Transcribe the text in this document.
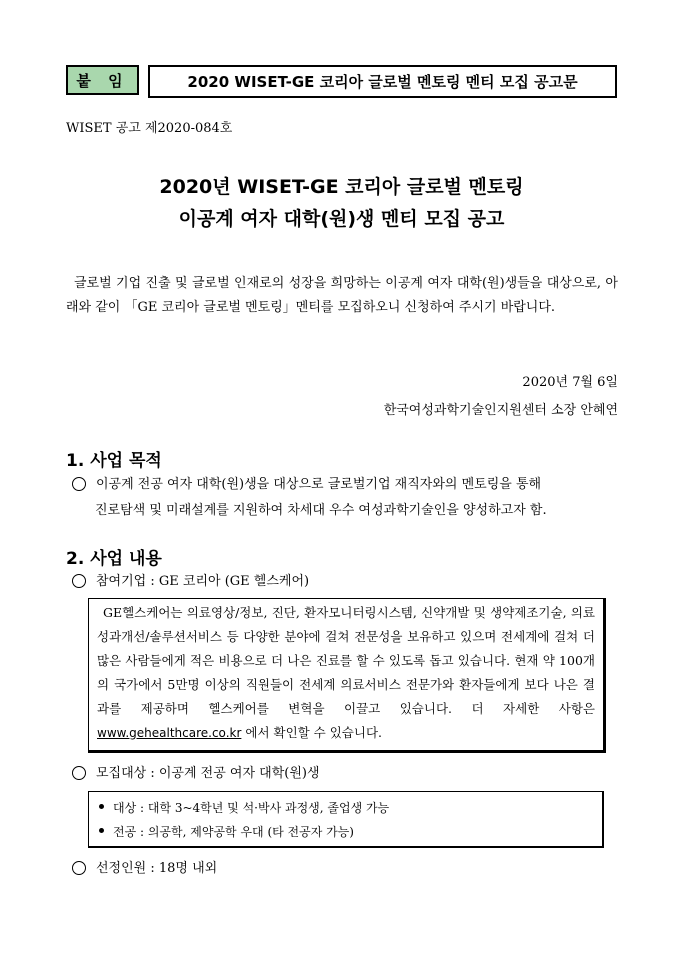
붙 임	2020 WISET-GE 코리아 글로벌 멘토링 멘티 모집 공고문
WISET 공고 제2020-084호
2020년 WISET-GE 코리아 글로벌 멘토링
이공계 여자 대학(원)생 멘티 모집 공고
글로벌 기업 진출 및 글로벌 인재로의 성장을 희망하는 이공계 여자 대학(원)생들을 대상으로, 아래와 같이 「GE 코리아 글로벌 멘토링」멘티를 모집하오니 신청하여 주시기 바랍니다.
2020년 7월 6일
한국여성과학기술인지원센터 소장 안혜연
1. 사업 목적
이공계 전공 여자 대학(원)생을 대상으로 글로벌기업 재직자와의 멘토링을 통해
진로탐색 및 미래설계를 지원하여 차세대 우수 여성과학기술인을 양성하고자 함.
2. 사업 내용
참여기업 : GE 코리아 (GE 헬스케어)
GE헬스케어는 의료영상/정보, 진단, 환자모니터링시스템, 신약개발 및 생약제조기술, 의료 성과개선/솔루션서비스 등 다양한 분야에 걸쳐 전문성을 보유하고 있으며 전세계에 걸쳐 더 많은 사람들에게 적은 비용으로 더 나은 진료를 할 수 있도록 돕고 있습니다. 현재 약 100개의 국가에서 5만명 이상의 직원들이 전세계 의료서비스 전문가와 환자들에게 보다 나은 결과를 제공하며 헬스케어를 변혁을 이끌고 있습니다. 더 자세한 사항은 www.gehealthcare.co.kr 에서 확인할 수 있습니다.
모집대상 : 이공계 전공 여자 대학(원)생
대상 : 대학 3~4학년 및 석·박사 과정생, 졸업생 가능
전공 : 의공학, 제약공학 우대 (타 전공자 가능)
선정인원 : 18명 내외
